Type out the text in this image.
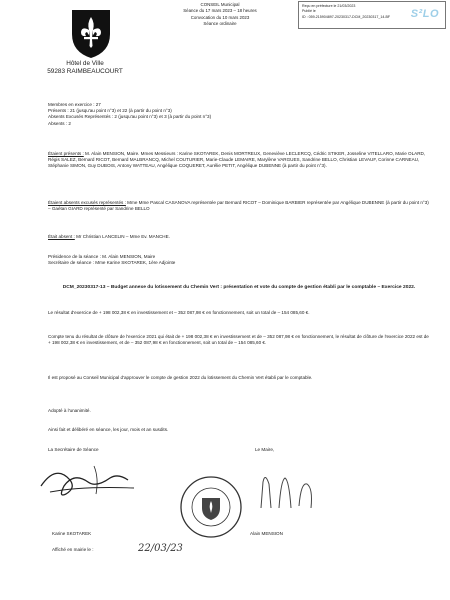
CONSEIL Municipal
Séance du 17 mars 2023 – 18 heures
Convocation du 10 mars 2023
Séance ordinaire
Reçu en préfecture le 21/03/2023
Publié le
ID : 059-215904897-20230317-DCM_20230317_14-BF	S²LO
Hôtel de Ville
59283 RAIMBEAUCOURT

Membres en exercice : 27

Présents : 21 (jusqu'au point n°3) et 22 (à partir du point n°3)

Absents Excusés Représentés : 2 (jusqu'au point n°3) et 3 (à partir du point n°3)

Absents : 2

Étaient présents : M. Alain MENSION, Maire. Mmes Messieurs : Karine SKOTAREK, Denis MORTREUX, Geneviève LECLERCQ, Cédric STIKER, Josseline VITELLARO, Marie OLARD, Régis SALEZ, Bernard RICOT, Bernard MALBRANCQ, Michel COUTURIER, Marie-Claude LEMAIRE, Marylène VARGUES, Sandrine BELLO, Christian LEVAUF, Corinne CARNEAU, Stéphanie SIMON, Guy DUBOIS, Antony WATTEAU, Angélique COQUERET, Aurélie PETIT, Angélique DUBENNE (à partir du point n°3).
Étaient absents excusés représentés : Mme Mme Pascal CASANOVA représentée par Bernard RICOT – Dominique BARBIER représentée par Angélique DUBENNE (à partir du point n°3) – Gaétan GIARD représenté par Sandrine BELLO
Était absent : Mr Christian LANCELIN – Mme Ev. MANCHE.

Présidence de la séance : M. Alain MENSION, Maire

Secrétaire de séance : Mme Karine SKOTAREK, 1ère Adjointe

DCM_20230317-13 – Budget annexe du lotissement du Chemin Vert : présentation et vote du compte de gestion établi par le comptable – Exercice 2022.
Le résultat d'exercice de + 198 002,38 € en investissement et – 352 087,98 € en fonctionnement, soit un total de – 154 085,60 €.
Compte tenu du résultat de clôture de l'exercice 2021 qui était de + 198 002,38 € en investissement et de – 352 087,98 € en fonctionnement, le résultat de clôture de l'exercice 2022 est de + 198 002,38 € en investissement, et de – 352 087,98 € en fonctionnement, soit un total de – 154 085,60 €.
Il est proposé au Conseil Municipal d'approuver le compte de gestion 2022 du lotissement du Chemin Vert établi par le comptable.
Adopté à l'unanimité.
Ainsi fait et délibéré en séance, les jour, mois et an susdits.
La Secrétaire de Séance	Le Maire,
Karine SKOTAREK	Alain MENSION
Affiché en mairie le :	22/03/23
